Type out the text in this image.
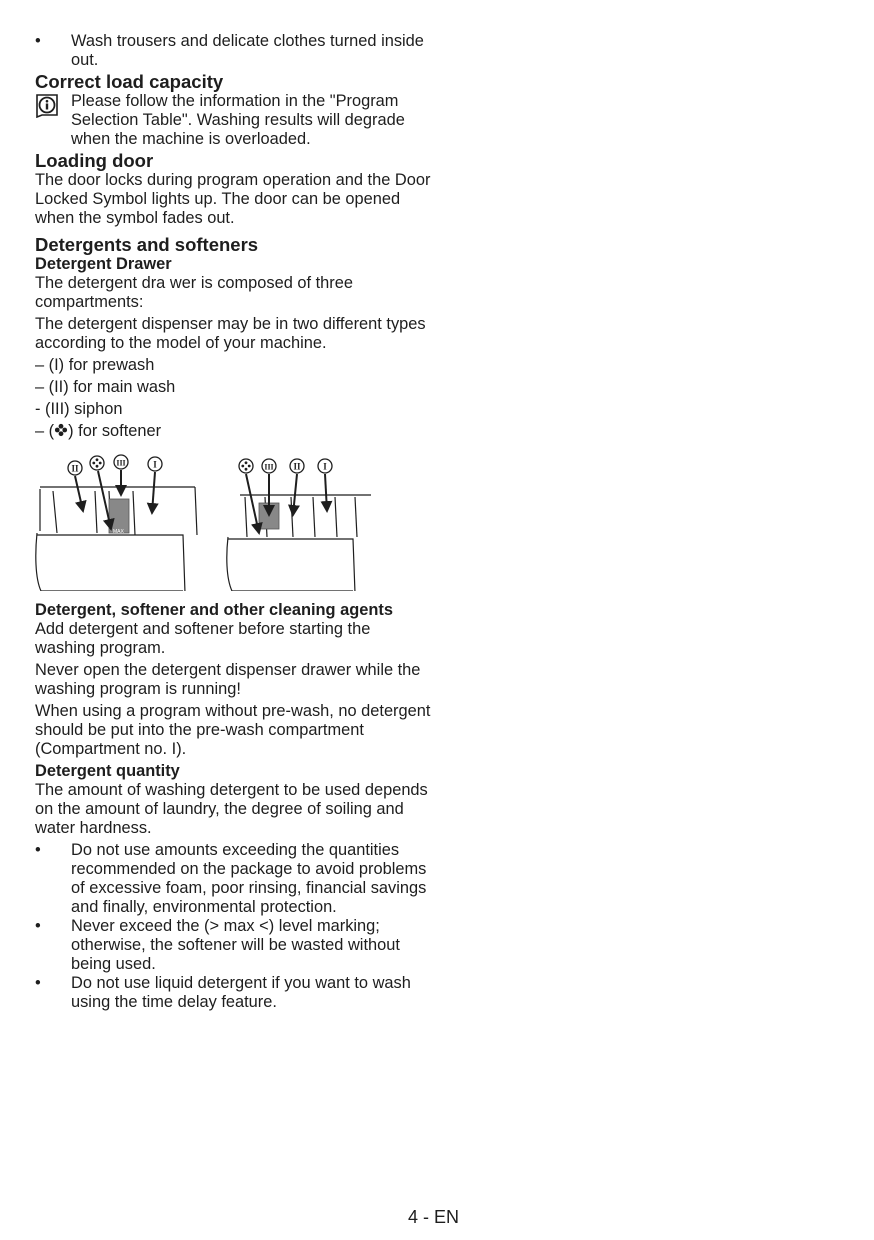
• Wash trousers and delicate clothes turned inside out.

Correct load capacity

Please follow the information in the "Program Selection Table". Washing results will degrade when the machine is overloaded.

Loading door

The door locks during program operation and the Door Locked Symbol lights up. The door can be opened when the symbol fades out.

Detergents and softeners

Detergent Drawer

The detergent dra wer is composed of three compartments:

The detergent dispenser may be in two different types according to the model of your machine.

– (I) for prewash

– (II) for main wash

- (III) siphon

– ( ) for softener

MAX
II
III	I	III II	I

Detergent, softener and other cleaning agents

Add detergent and softener before starting the washing program.

Never open the detergent dispenser drawer while the washing program is running!

When using a program without pre-wash, no detergent should be put into the pre-wash compartment (Compartment no. I).

Detergent quantity

The amount of washing detergent to be used depends on the amount of laundry, the degree of soiling and water hardness.

• Do not use amounts exceeding the quantities recommended on the package to avoid problems of excessive foam, poor rinsing, financial savings and finally, environmental protection.

• Never exceed the (> max <) level marking; otherwise, the softener will be wasted without being used.

• Do not use liquid detergent if you want to wash using the time delay feature.

4 - EN
